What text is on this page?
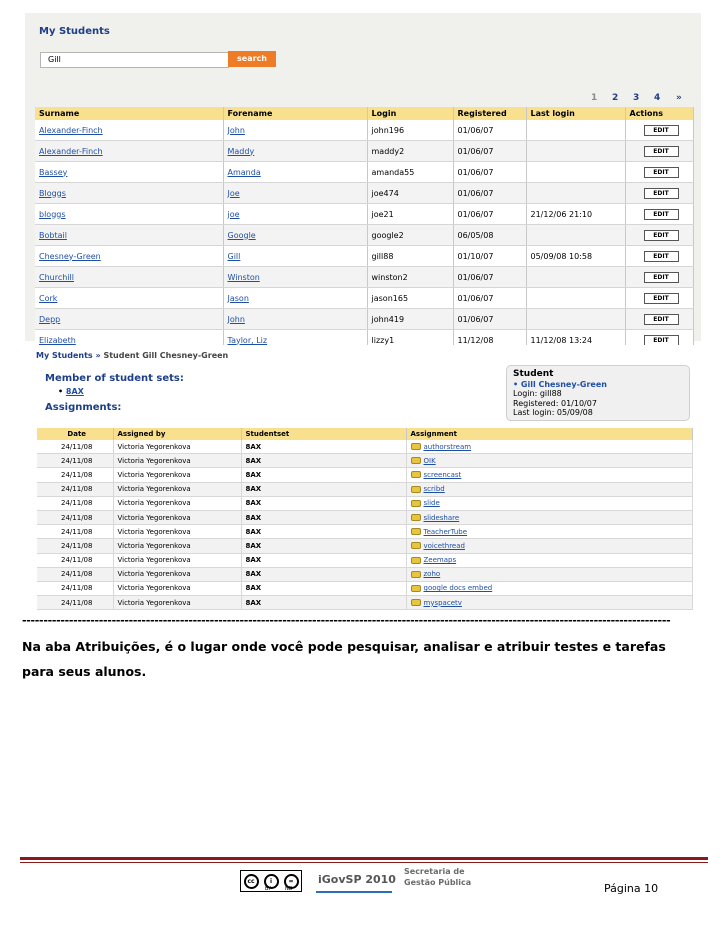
My Students
Gill	search
1 2 3 4 »
Surname	Forename	Login	Registered	Last login	Actions
Alexander-Finch	John	john196	01/06/07		EDIT
Alexander-Finch	Maddy	maddy2	01/06/07		EDIT
Bassey	Amanda	amanda55	01/06/07		EDIT
Bloggs	Joe	joe474	01/06/07		EDIT
bloggs	joe	joe21	01/06/07	21/12/06 21:10	EDIT
Bobtail	Google	google2	06/05/08		EDIT
Chesney-Green	Gill	gill88	01/10/07	05/09/08 10:58	EDIT
Churchill	Winston	winston2	01/06/07		EDIT
Cork	Jason	jason165	01/06/07		EDIT
Depp	John	john419	01/06/07		EDIT
Elizabeth	Taylor, Liz	lizzy1	11/12/08	11/12/08 13:24	EDIT
My Students » Student Gill Chesney-Green
Member of student sets:
• 8AX
Assignments:
Student
• Gill Chesney-Green
Login: gill88
Registered: 01/10/07
Last login: 05/09/08
Date	Assigned by	Studentset	Assignment
24/11/08	Victoria Yegorenkova	8AX	authorstream
24/11/08	Victoria Yegorenkova	8AX	OIK
24/11/08	Victoria Yegorenkova	8AX	screencast
24/11/08	Victoria Yegorenkova	8AX	scribd
24/11/08	Victoria Yegorenkova	8AX	slide
24/11/08	Victoria Yegorenkova	8AX	slideshare
24/11/08	Victoria Yegorenkova	8AX	TeacherTube
24/11/08	Victoria Yegorenkova	8AX	voicethread
24/11/08	Victoria Yegorenkova	8AX	Zeemaps
24/11/08	Victoria Yegorenkova	8AX	zoho
24/11/08	Victoria Yegorenkova	8AX	google docs embed
24/11/08	Victoria Yegorenkova	8AX	myspacetv
--------------------------------------------------------------------------------------------------------------------------------------------------------
Na aba Atribuições, é o lugar onde você pode pesquisar, analisar e atribuir testes e tarefas para seus alunos.
cc	i	=
BY	ND
iGovSP 2010
Secretaria de
Gestão Pública	Página 10
